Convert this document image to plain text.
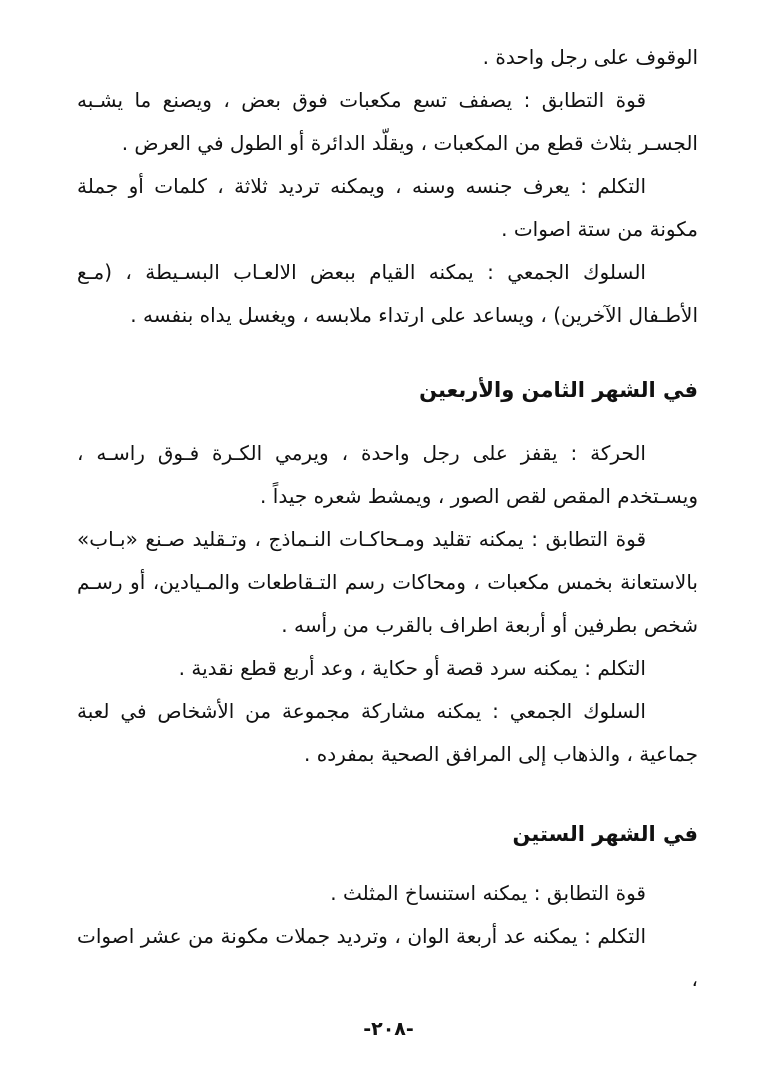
الوقوف على رجل واحدة .

قوة التطابق : يصفف تسع مكعبات فوق بعض ، ويصنع ما يشـبه الجسـر بثلاث قطع من المكعبات ، ويقلّد الدائرة أو الطول في العرض .

التكلم : يعرف جنسه وسنه ، ويمكنه ترديد ثلاثة ، كلمات أو جملة مكونة من ستة اصوات .

السلوك الجمعي : يمكنه القيام ببعض الالعـاب البسـيطة ، (مـع الأطـفال الآخرين) ، ويساعد على ارتداء ملابسه ، ويغسل يداه بنفسه .

في الشهر الثامن والأربعين

الحركة : يقفز على رجل واحدة ، ويرمي الكـرة فـوق راسـه ، ويسـتخدم المقص لقص الصور ، ويمشط شعره جيداً .

قوة التطابق : يمكنه تقليد ومـحاكـات النـماذج ، وتـقليد صـنع «بـاب» بالاستعانة بخمس مكعبات ، ومحاكات رسم التـقاطعات والمـيادين، أو رسـم شخص بطرفين أو أربعة اطراف بالقرب من رأسه .

التكلم : يمكنه سرد قصة أو حكاية ، وعد أربع قطع نقدية .

السلوك الجمعي : يمكنه مشاركة مجموعة من الأشخاص في لعبة جماعية ، والذهاب إلى المرافق الصحية بمفرده .

في الشهر الستين

قوة التطابق : يمكنه استنساخ المثلث .

التكلم : يمكنه عد أربعة الوان ، وترديد جملات مكونة من عشر اصوات ،

-٢٠٨-
